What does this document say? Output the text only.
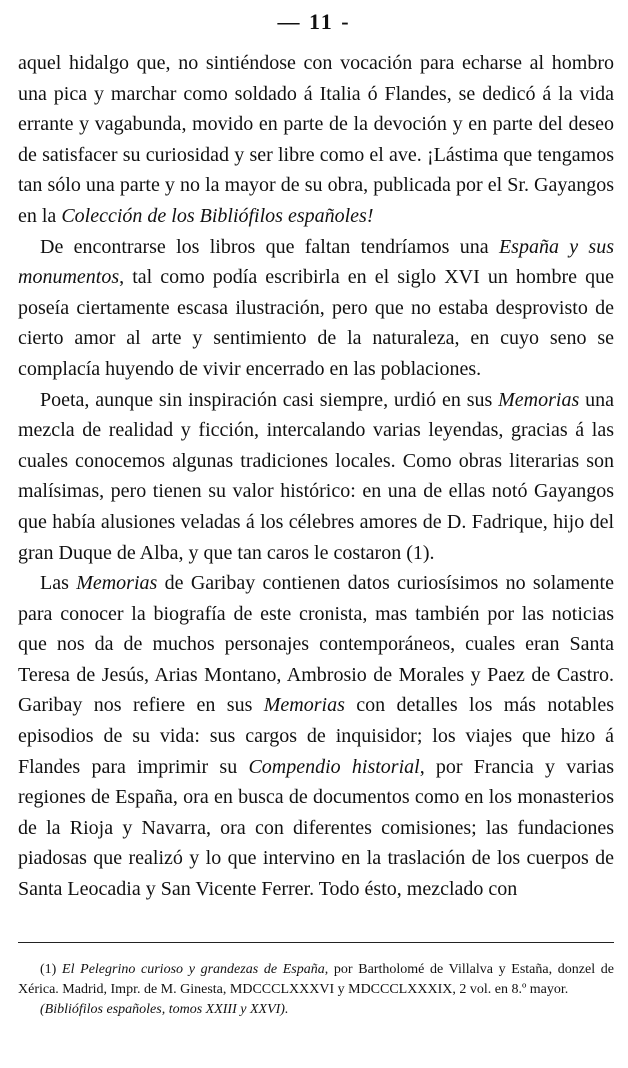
— 11 -

aquel hidalgo que, no sintiéndose con vocación para echarse al hombro una pica y marchar como soldado á Italia ó Flandes, se dedicó á la vida errante y vagabunda, movido en parte de la devoción y en parte del deseo de satisfacer su curiosidad y ser libre como el ave. ¡Lástima que tengamos tan sólo una parte y no la mayor de su obra, publicada por el Sr. Gayangos en la Colección de los Bibliófilos españoles!

De encontrarse los libros que faltan tendríamos una España y sus monumentos, tal como podía escribirla en el siglo XVI un hombre que poseía ciertamente escasa ilustración, pero que no estaba desprovisto de cierto amor al arte y sentimiento de la naturaleza, en cuyo seno se complacía huyendo de vivir encerrado en las poblaciones.

Poeta, aunque sin inspiración casi siempre, urdió en sus Memorias una mezcla de realidad y ficción, intercalando varias leyendas, gracias á las cuales conocemos algunas tradiciones locales. Como obras literarias son malísimas, pero tienen su valor histórico: en una de ellas notó Gayangos que había alusiones veladas á los célebres amores de D. Fadrique, hijo del gran Duque de Alba, y que tan caros le costaron (1).

Las Memorias de Garibay contienen datos curiosísimos no solamente para conocer la biografía de este cronista, mas también por las noticias que nos da de muchos personajes contemporáneos, cuales eran Santa Teresa de Jesús, Arias Montano, Ambrosio de Morales y Paez de Castro. Garibay nos refiere en sus Memorias con detalles los más notables episodios de su vida: sus cargos de inquisidor; los viajes que hizo á Flandes para imprimir su Compendio historial, por Francia y varias regiones de España, ora en busca de documentos como en los monasterios de la Rioja y Navarra, ora con diferentes comisiones; las fundaciones piadosas que realizó y lo que intervino en la traslación de los cuerpos de Santa Leocadia y San Vicente Ferrer. Todo ésto, mezclado con

(1) El Pelegrino curioso y grandezas de España, por Bartholomé de Villalva y Estaña, donzel de Xérica. Madrid, Impr. de M. Ginesta, MDCCCLXXXVI y MDCCCLXXXIX, 2 vol. en 8.º mayor.

(Bibliófilos españoles, tomos XXIII y XXVI).
